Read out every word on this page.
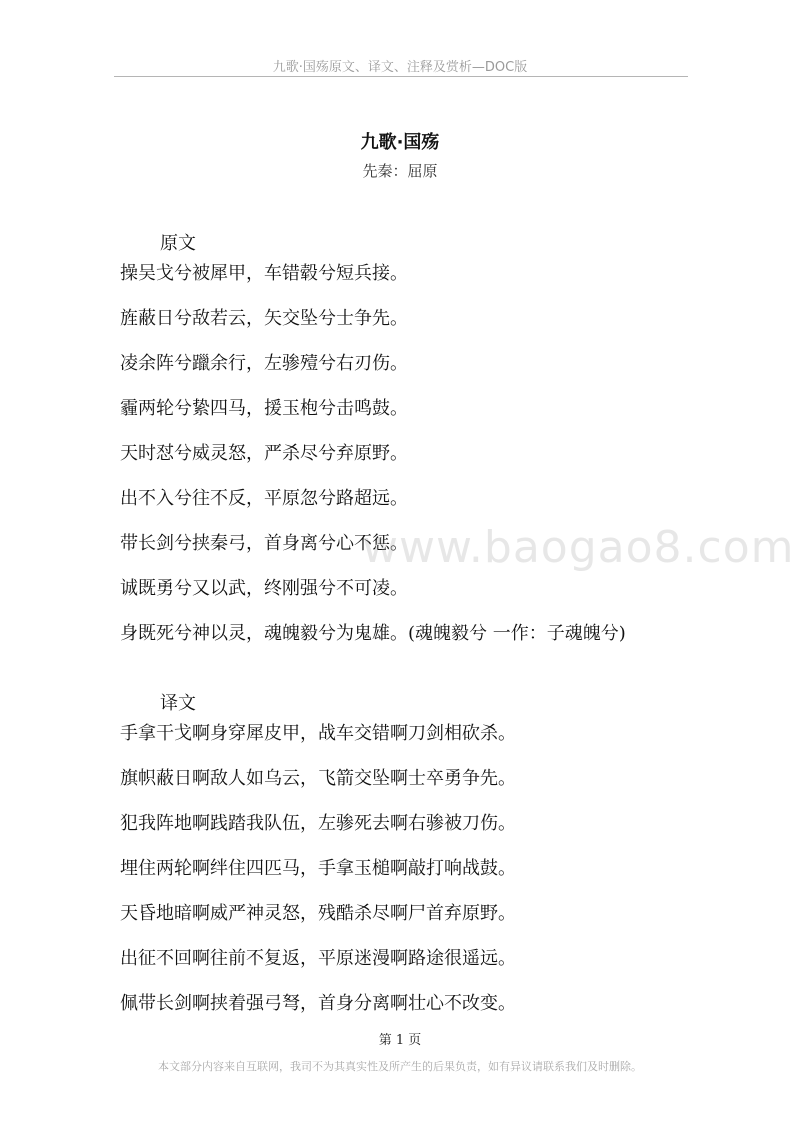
九歌·国殇原文、译文、注释及赏析—DOC版
九歌·国殇
先秦：屈原
原文
操吴戈兮被犀甲，车错毂兮短兵接。
旌蔽日兮敌若云，矢交坠兮士争先。
凌余阵兮躐余行，左骖殪兮右刃伤。
霾两轮兮絷四马，援玉枹兮击鸣鼓。
天时怼兮威灵怒，严杀尽兮弃原野。
出不入兮往不反，平原忽兮路超远。
带长剑兮挟秦弓，首身离兮心不惩。
诚既勇兮又以武，终刚强兮不可凌。
身既死兮神以灵，魂魄毅兮为鬼雄。(魂魄毅兮 一作：子魂魄兮)
译文
手拿干戈啊身穿犀皮甲，战车交错啊刀剑相砍杀。
旗帜蔽日啊敌人如乌云，飞箭交坠啊士卒勇争先。
犯我阵地啊践踏我队伍，左骖死去啊右骖被刀伤。
埋住两轮啊绊住四匹马，手拿玉槌啊敲打响战鼓。
天昏地暗啊威严神灵怒，残酷杀尽啊尸首弃原野。
出征不回啊往前不复返，平原迷漫啊路途很遥远。
佩带长剑啊挟着强弓弩，首身分离啊壮心不改变。
www.baogao8.com
第 1 页
本文部分内容来自互联网，我司不为其真实性及所产生的后果负责，如有异议请联系我们及时删除。
